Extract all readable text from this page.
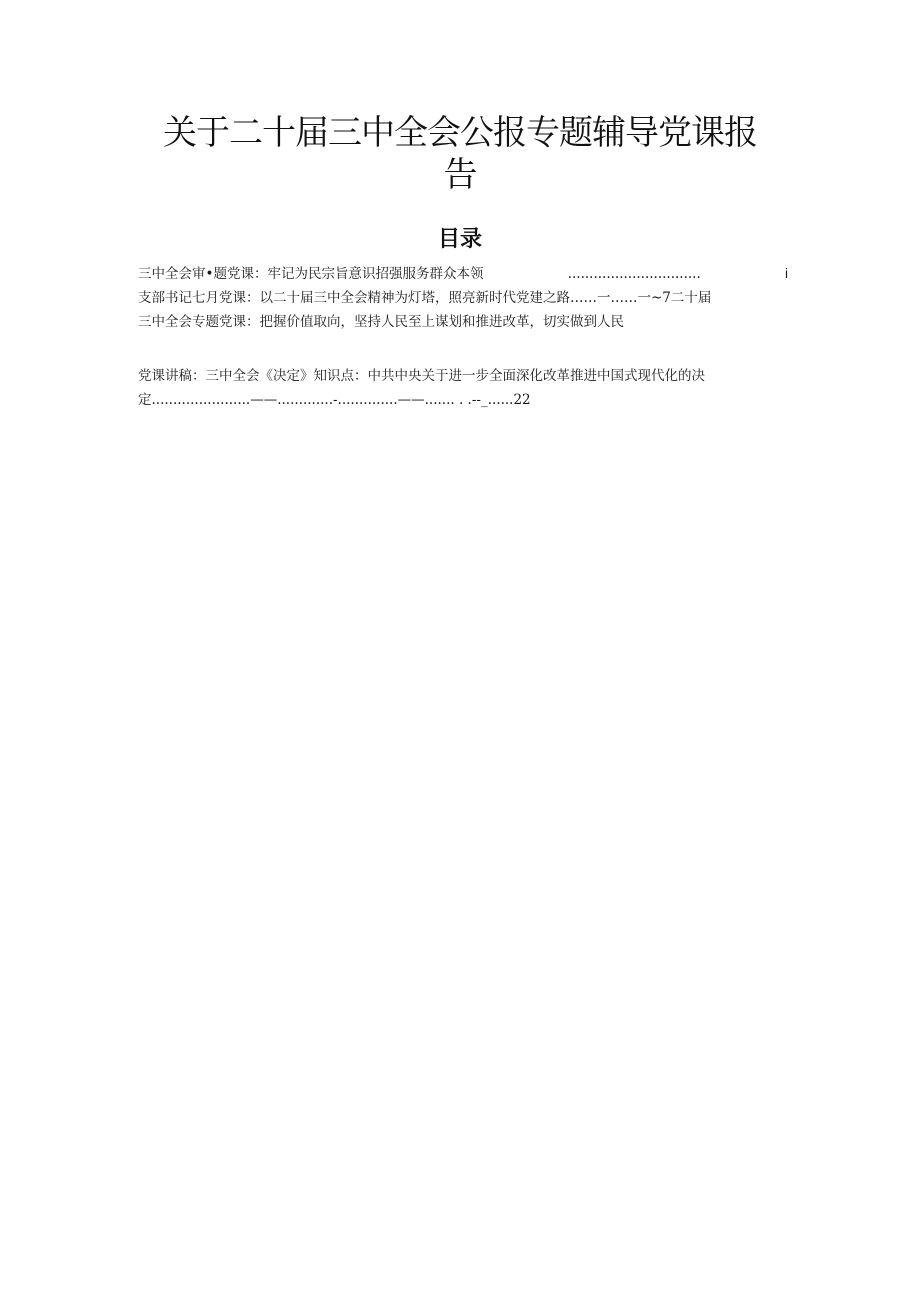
关于二十届三中全会公报专题辅导党课报
告
目录
三中全会审•题党课：牢记为民宗旨意识招强服务群众本领	...............................	i
支部书记七月党课：以二十届三中全会精神为灯塔，照亮新时代党建之路……一……一~7二十届
三中全会专题党课：把握价值取向，坚持人民至上谋划和推进改革，切实做到人民
党课讲稿：三中全会《决定》知识点：中共中央关于进一步全面深化改革推进中国式现代化的决
定.......................——.............-..............——....... . .--_......22
